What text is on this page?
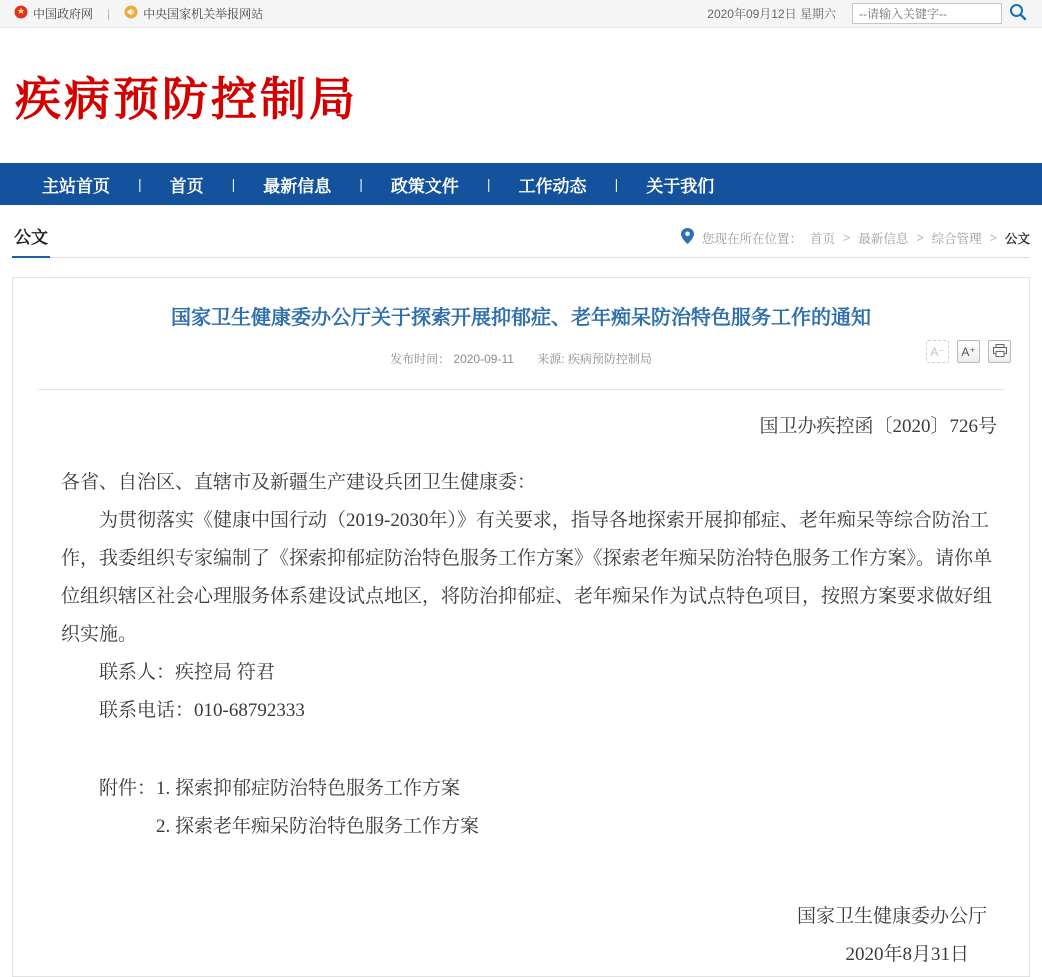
中国政府网 |	中央国家机关举报网站	2020年09月12日 星期六
--请输入关键字--
疾病预防控制局
主站首页 | 首页 | 最新信息 | 政策文件 | 工作动态 | 关于我们
公文	您现在所在位置： 首页 > 最新信息 > 综合管理 > 公文
国家卫生健康委办公厅关于探索开展抑郁症、老年痴呆防治特色服务工作的通知
发布时间： 2020-09-11 来源: 疾病预防控制局
A⁻	A⁺

国卫办疾控函〔2020〕726号

各省、自治区、直辖市及新疆生产建设兵团卫生健康委：

为贯彻落实《健康中国行动（2019-2030年）》有关要求，指导各地探索开展抑郁症、老年痴呆等综合防治工作，我委组织专家编制了《探索抑郁症防治特色服务工作方案》《探索老年痴呆防治特色服务工作方案》。请你单位组织辖区社会心理服务体系建设试点地区，将防治抑郁症、老年痴呆作为试点特色项目，按照方案要求做好组织实施。

联系人：疾控局 符君

联系电话：010-68792333

附件：1. 探索抑郁症防治特色服务工作方案

2. 探索老年痴呆防治特色服务工作方案

国家卫生健康委办公厅

2020年8月31日
